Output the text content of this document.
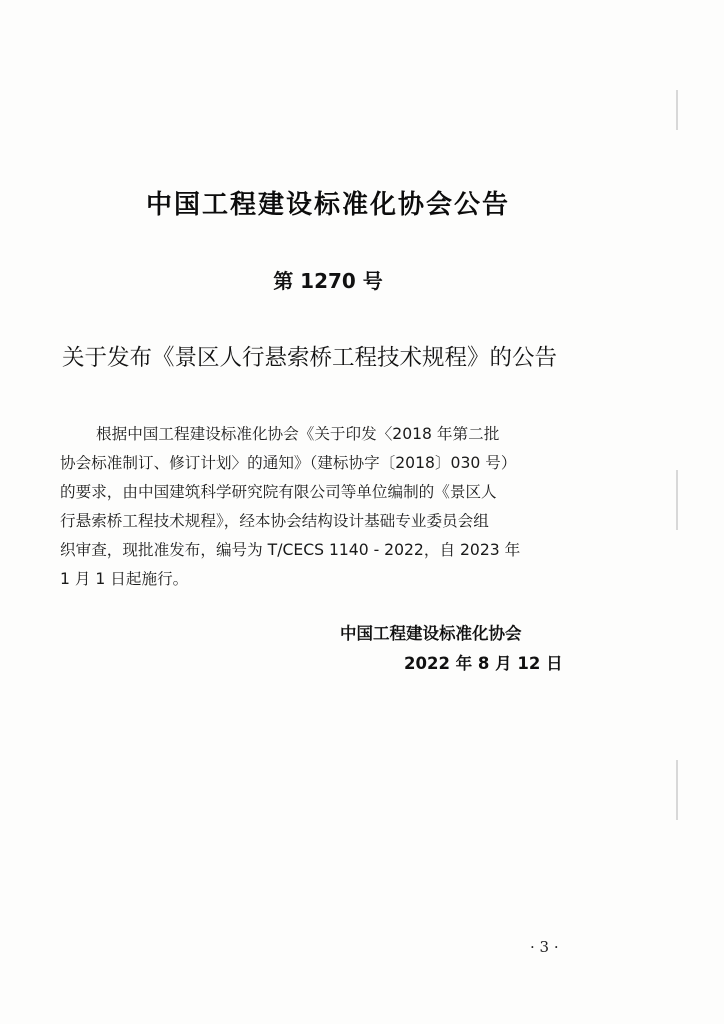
中国工程建设标准化协会公告
第 1270 号
关于发布《景区人行悬索桥工程技术规程》的公告
根据中国工程建设标准化协会《关于印发〈2018 年第二批
协会标准制订、修订计划〉的通知》（建标协字〔2018〕030 号）
的要求，由中国建筑科学研究院有限公司等单位编制的《景区人
行悬索桥工程技术规程》，经本协会结构设计基础专业委员会组
织审查，现批准发布，编号为 T/CECS 1140 - 2022，自 2023 年
1 月 1 日起施行。
中国工程建设标准化协会
2022 年 8 月 12 日
· 3 ·
